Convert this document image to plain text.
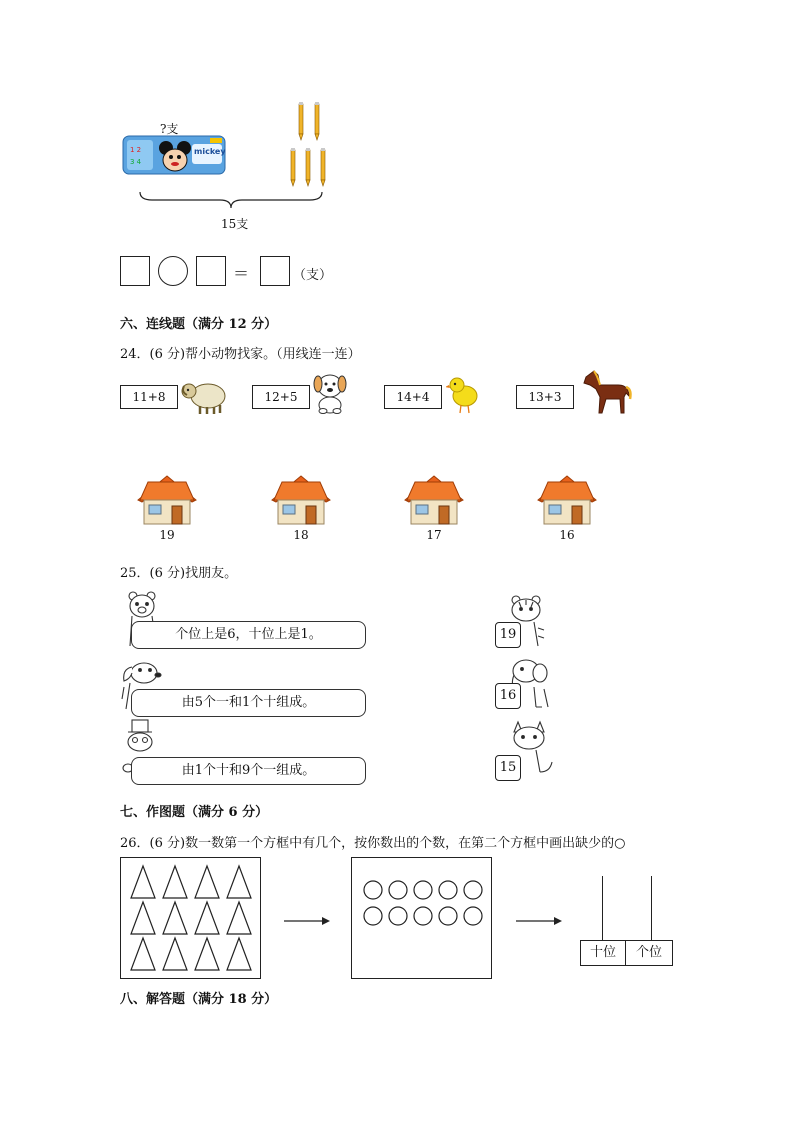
1 2
3 4
mickey
?支
15支
＝	（支）
六、连线题（满分 12 分）
24．(6 分)帮小动物找家。（用线连一连）
11+8	12+5	14+4	13+3
19	18	17	16
25．(6 分)找朋友。
个位上是6，十位上是1。
由5个一和1个十组成。
由1个十和9个一组成。
19
16
15
七、作图题（满分 6 分）
26．(6 分)数一数第一个方框中有几个，按你数出的个数，在第二个方框中画出缺少的○
十位	个位
八、解答题（满分 18 分）
